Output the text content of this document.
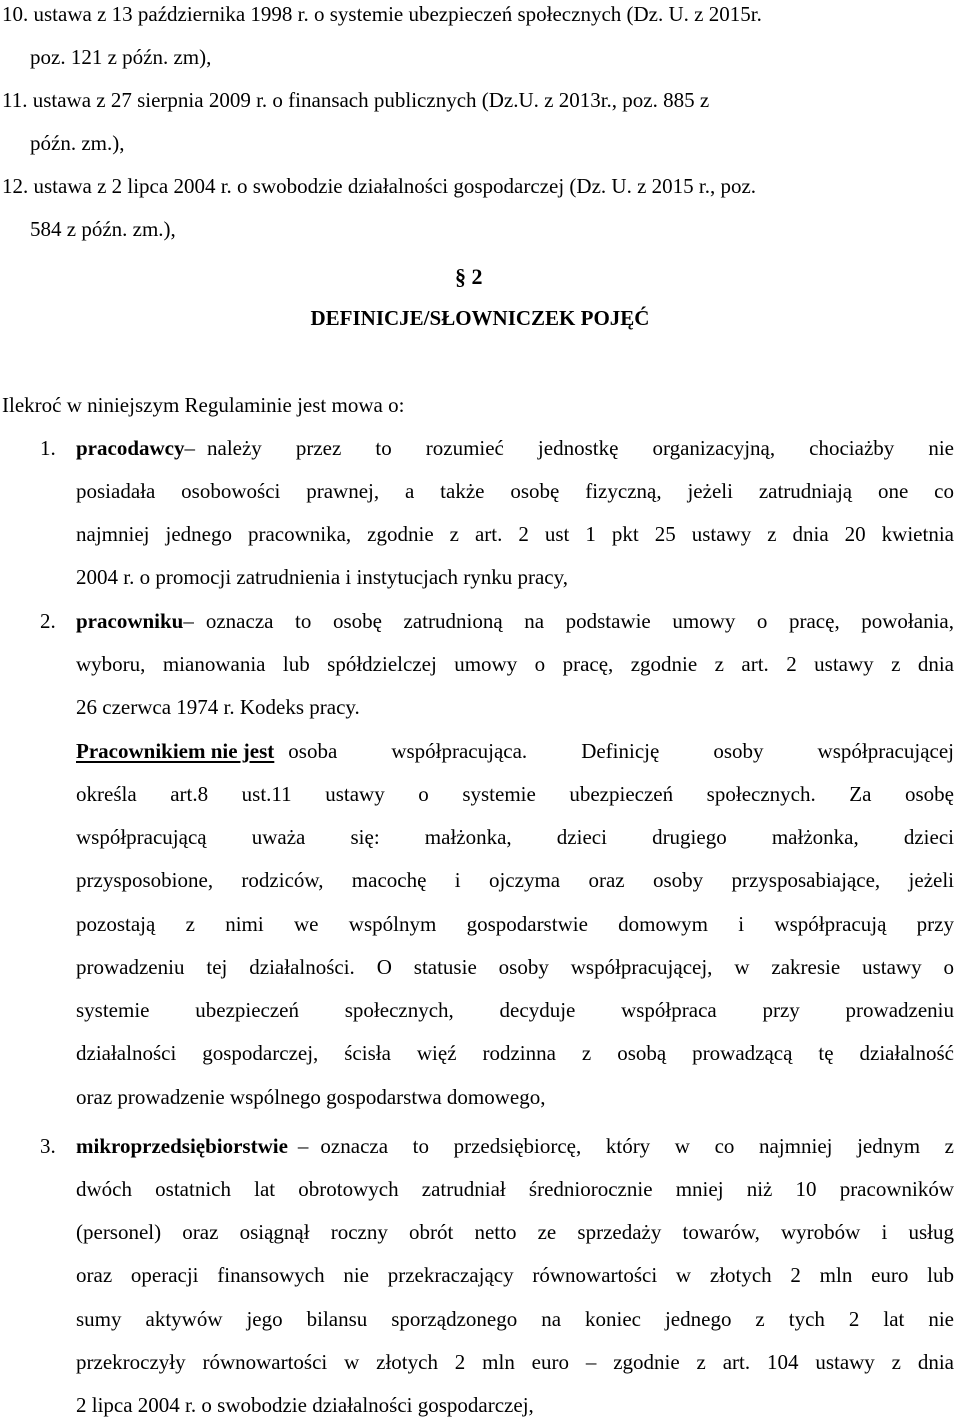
10. ustawa z 13 października 1998 r. o systemie ubezpieczeń społecznych (Dz. U. z 2015r.
poz. 121 z późn. zm),
11. ustawa z 27 sierpnia 2009 r. o finansach publicznych (Dz.U. z 2013r., poz. 885 z
późn. zm.),
12. ustawa z 2 lipca 2004 r. o swobodzie działalności gospodarczej (Dz. U. z 2015 r., poz.
584 z późn. zm.),
§ 2
DEFINICJE/SŁOWNICZEK POJĘĆ
Ilekroć w niniejszym Regulaminie jest mowa o:
1. pracodawcy – należy przez to rozumieć jednostkę organizacyjną, chociażby nie
posiadała osobowości prawnej, a także osobę fizyczną, jeżeli zatrudniają one co
najmniej jednego pracownika, zgodnie z art. 2 ust 1 pkt 25 ustawy z dnia 20 kwietnia
2004 r. o promocji zatrudnienia i instytucjach rynku pracy,
2. pracowniku – oznacza to osobę zatrudnioną na podstawie umowy o pracę, powołania,
wyboru, mianowania lub spółdzielczej umowy o pracę, zgodnie z art. 2 ustawy z dnia
26 czerwca 1974 r. Kodeks pracy.
Pracownikiem nie jest osoba współpracująca. Definicję osoby współpracującej
określa art.8 ust.11 ustawy o systemie ubezpieczeń społecznych. Za osobę
współpracującą uważa się: małżonka, dzieci drugiego małżonka, dzieci
przysposobione, rodziców, macochę i ojczyma oraz osoby przysposabiające, jeżeli
pozostają z nimi we wspólnym gospodarstwie domowym i współpracują przy
prowadzeniu tej działalności. O statusie osoby współpracującej, w zakresie ustawy o
systemie ubezpieczeń społecznych, decyduje współpraca przy prowadzeniu
działalności gospodarczej, ścisła więź rodzinna z osobą prowadzącą tę działalność
oraz prowadzenie wspólnego gospodarstwa domowego,
3. mikroprzedsiębiorstwie – oznacza to przedsiębiorcę, który w co najmniej jednym z
dwóch ostatnich lat obrotowych zatrudniał średniorocznie mniej niż 10 pracowników
(personel) oraz osiągnął roczny obrót netto ze sprzedaży towarów, wyrobów i usług
oraz operacji finansowych nie przekraczający równowartości w złotych 2 mln euro lub
sumy aktywów jego bilansu sporządzonego na koniec jednego z tych 2 lat nie
przekroczyły równowartości w złotych 2 mln euro – zgodnie z art. 104 ustawy z dnia
2 lipca 2004 r. o swobodzie działalności gospodarczej,
